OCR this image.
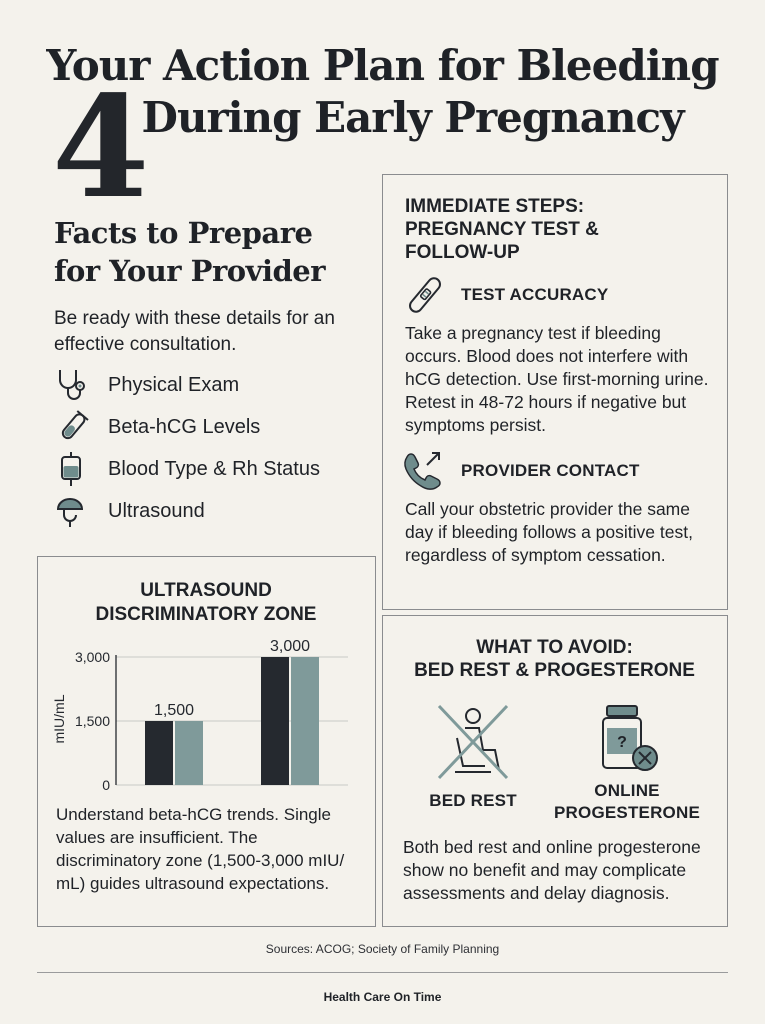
Your Action Plan for Bleeding
During Early Pregnancy
4
Facts to Prepare
for Your Provider
Be ready with these details for an effective consultation.
Physical Exam
Beta-hCG Levels
Blood Type & Rh Status
Ultrasound
IMMEDIATE STEPS:
PREGNANCY TEST &
FOLLOW-UP
TEST ACCURACY
Take a pregnancy test if bleeding occurs. Blood does not interfere with hCG detection. Use first-morning urine. Retest in 48-72 hours if negative but symptoms persist.
PROVIDER CONTACT
Call your obstetric provider the same day if bleeding follows a positive test, regardless of symptom cessation.
ULTRASOUND
DISCRIMINATORY ZONE
mIU/mL
0
1,500
3,000
1,500
3,000
Understand beta-hCG trends. Single values are insufficient. The discriminatory zone (1,500-3,000 mIU/ mL) guides ultrasound expectations.
WHAT TO AVOID:
BED REST & PROGESTERONE
BED REST
?
ONLINE
PROGESTERONE
Both bed rest and online progesterone show no benefit and may complicate assessments and delay diagnosis.
Sources: ACOG; Society of Family Planning
Health Care On Time
